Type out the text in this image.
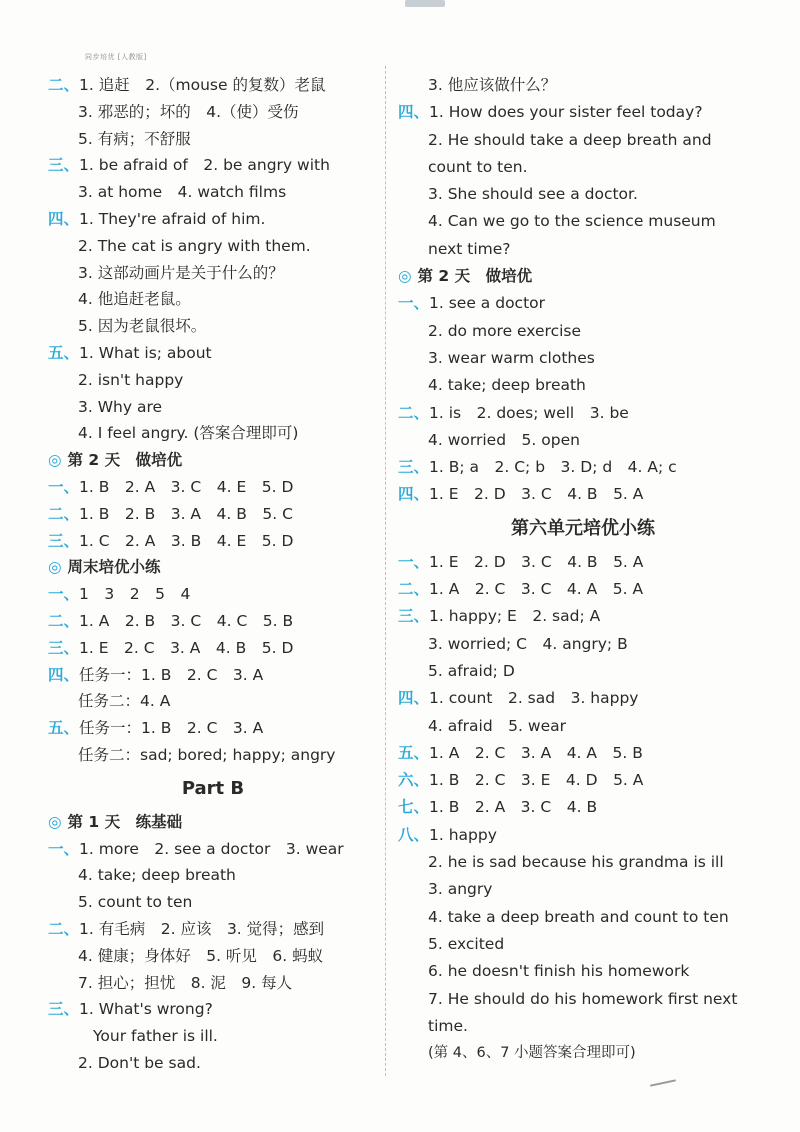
同步培优 [人教版]
二、1. 追赶　2.（mouse 的复数）老鼠
3. 邪恶的；坏的　4.（使）受伤
5. 有病；不舒服
三、1. be afraid of　2. be angry with
3. at home　4. watch films
四、1. They're afraid of him.
2. The cat is angry with them.
3. 这部动画片是关于什么的？
4. 他追赶老鼠。
5. 因为老鼠很坏。
五、1. What is; about
2. isn't happy
3. Why are
4. I feel angry. (答案合理即可)
◎ 第 2 天　做培优
一、1. B　2. A　3. C　4. E　5. D
二、1. B　2. B　3. A　4. B　5. C
三、1. C　2. A　3. B　4. E　5. D
◎ 周末培优小练
一、1　3　2　5　4
二、1. A　2. B　3. C　4. C　5. B
三、1. E　2. C　3. A　4. B　5. D
四、任务一：1. B　2. C　3. A
任务二：4. A
五、任务一：1. B　2. C　3. A
任务二：sad; bored; happy; angry
Part B
◎ 第 1 天　练基础
一、1. more　2. see a doctor　3. wear
4. take; deep breath
5. count to ten
二、1. 有毛病　2. 应该　3. 觉得；感到
4. 健康；身体好　5. 听见　6. 蚂蚁
7. 担心；担忧　8. 泥　9. 每人
三、1. What's wrong?
Your father is ill.
2. Don't be sad.
3. 他应该做什么？
四、1. How does your sister feel today?
2. He should take a deep breath and
count to ten.
3. She should see a doctor.
4. Can we go to the science museum
next time?
◎ 第 2 天　做培优
一、1. see a doctor
2. do more exercise
3. wear warm clothes
4. take; deep breath
二、1. is　2. does; well　3. be
4. worried　5. open
三、1. B; a　2. C; b　3. D; d　4. A; c
四、1. E　2. D　3. C　4. B　5. A
第六单元培优小练
一、1. E　2. D　3. C　4. B　5. A
二、1. A　2. C　3. C　4. A　5. A
三、1. happy; E　2. sad; A
3. worried; C　4. angry; B
5. afraid; D
四、1. count　2. sad　3. happy
4. afraid　5. wear
五、1. A　2. C　3. A　4. A　5. B
六、1. B　2. C　3. E　4. D　5. A
七、1. B　2. A　3. C　4. B
八、1. happy
2. he is sad because his grandma is ill
3. angry
4. take a deep breath and count to ten
5. excited
6. he doesn't finish his homework
7. He should do his homework first next
time.
(第 4、6、7 小题答案合理即可)
